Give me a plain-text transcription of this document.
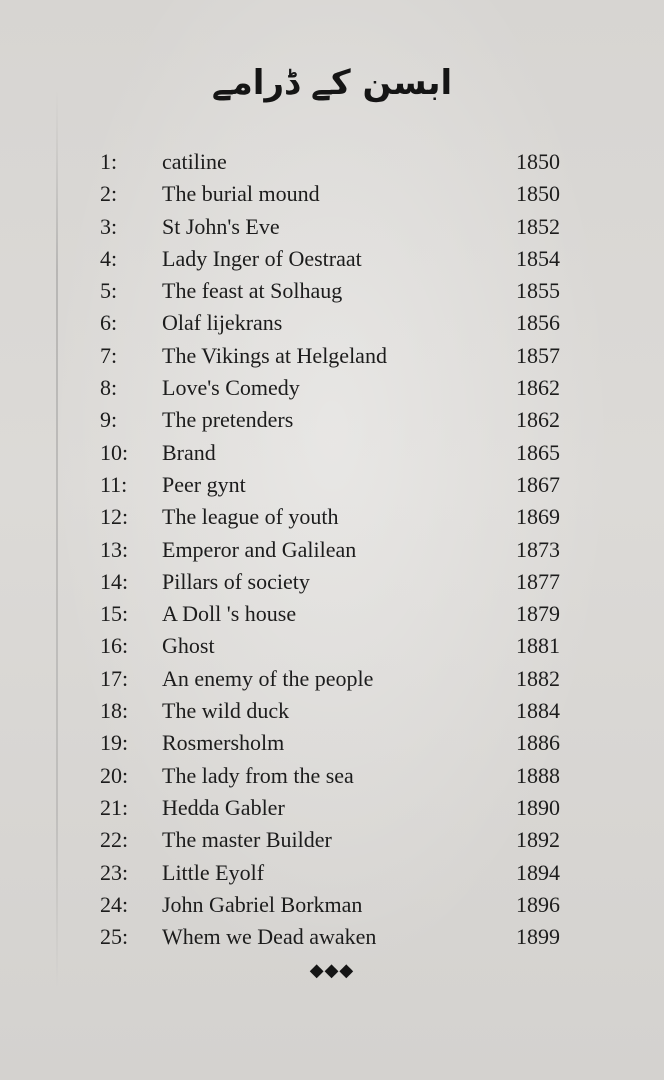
ابسن کے ڈرامے
1: catiline	1850
2: The burial mound	1850
3: St John's Eve	1852
4: Lady Inger of Oestraat	1854
5: The feast at Solhaug	1855
6: Olaf lijekrans	1856
7: The Vikings at Helgeland	1857
8: Love's Comedy	1862
9: The pretenders	1862
10: Brand	1865
11: Peer gynt	1867
12: The league of youth	1869
13: Emperor and Galilean	1873
14: Pillars of society	1877
15: A Doll 's house	1879
16: Ghost	1881
17: An enemy of the people	1882
18: The wild duck	1884
19: Rosmersholm	1886
20: The lady from the sea	1888
21: Hedda Gabler	1890
22: The master Builder	1892
23: Little Eyolf	1894
24: John Gabriel Borkman	1896
25: Whem we Dead awaken	1899
◆◆◆
